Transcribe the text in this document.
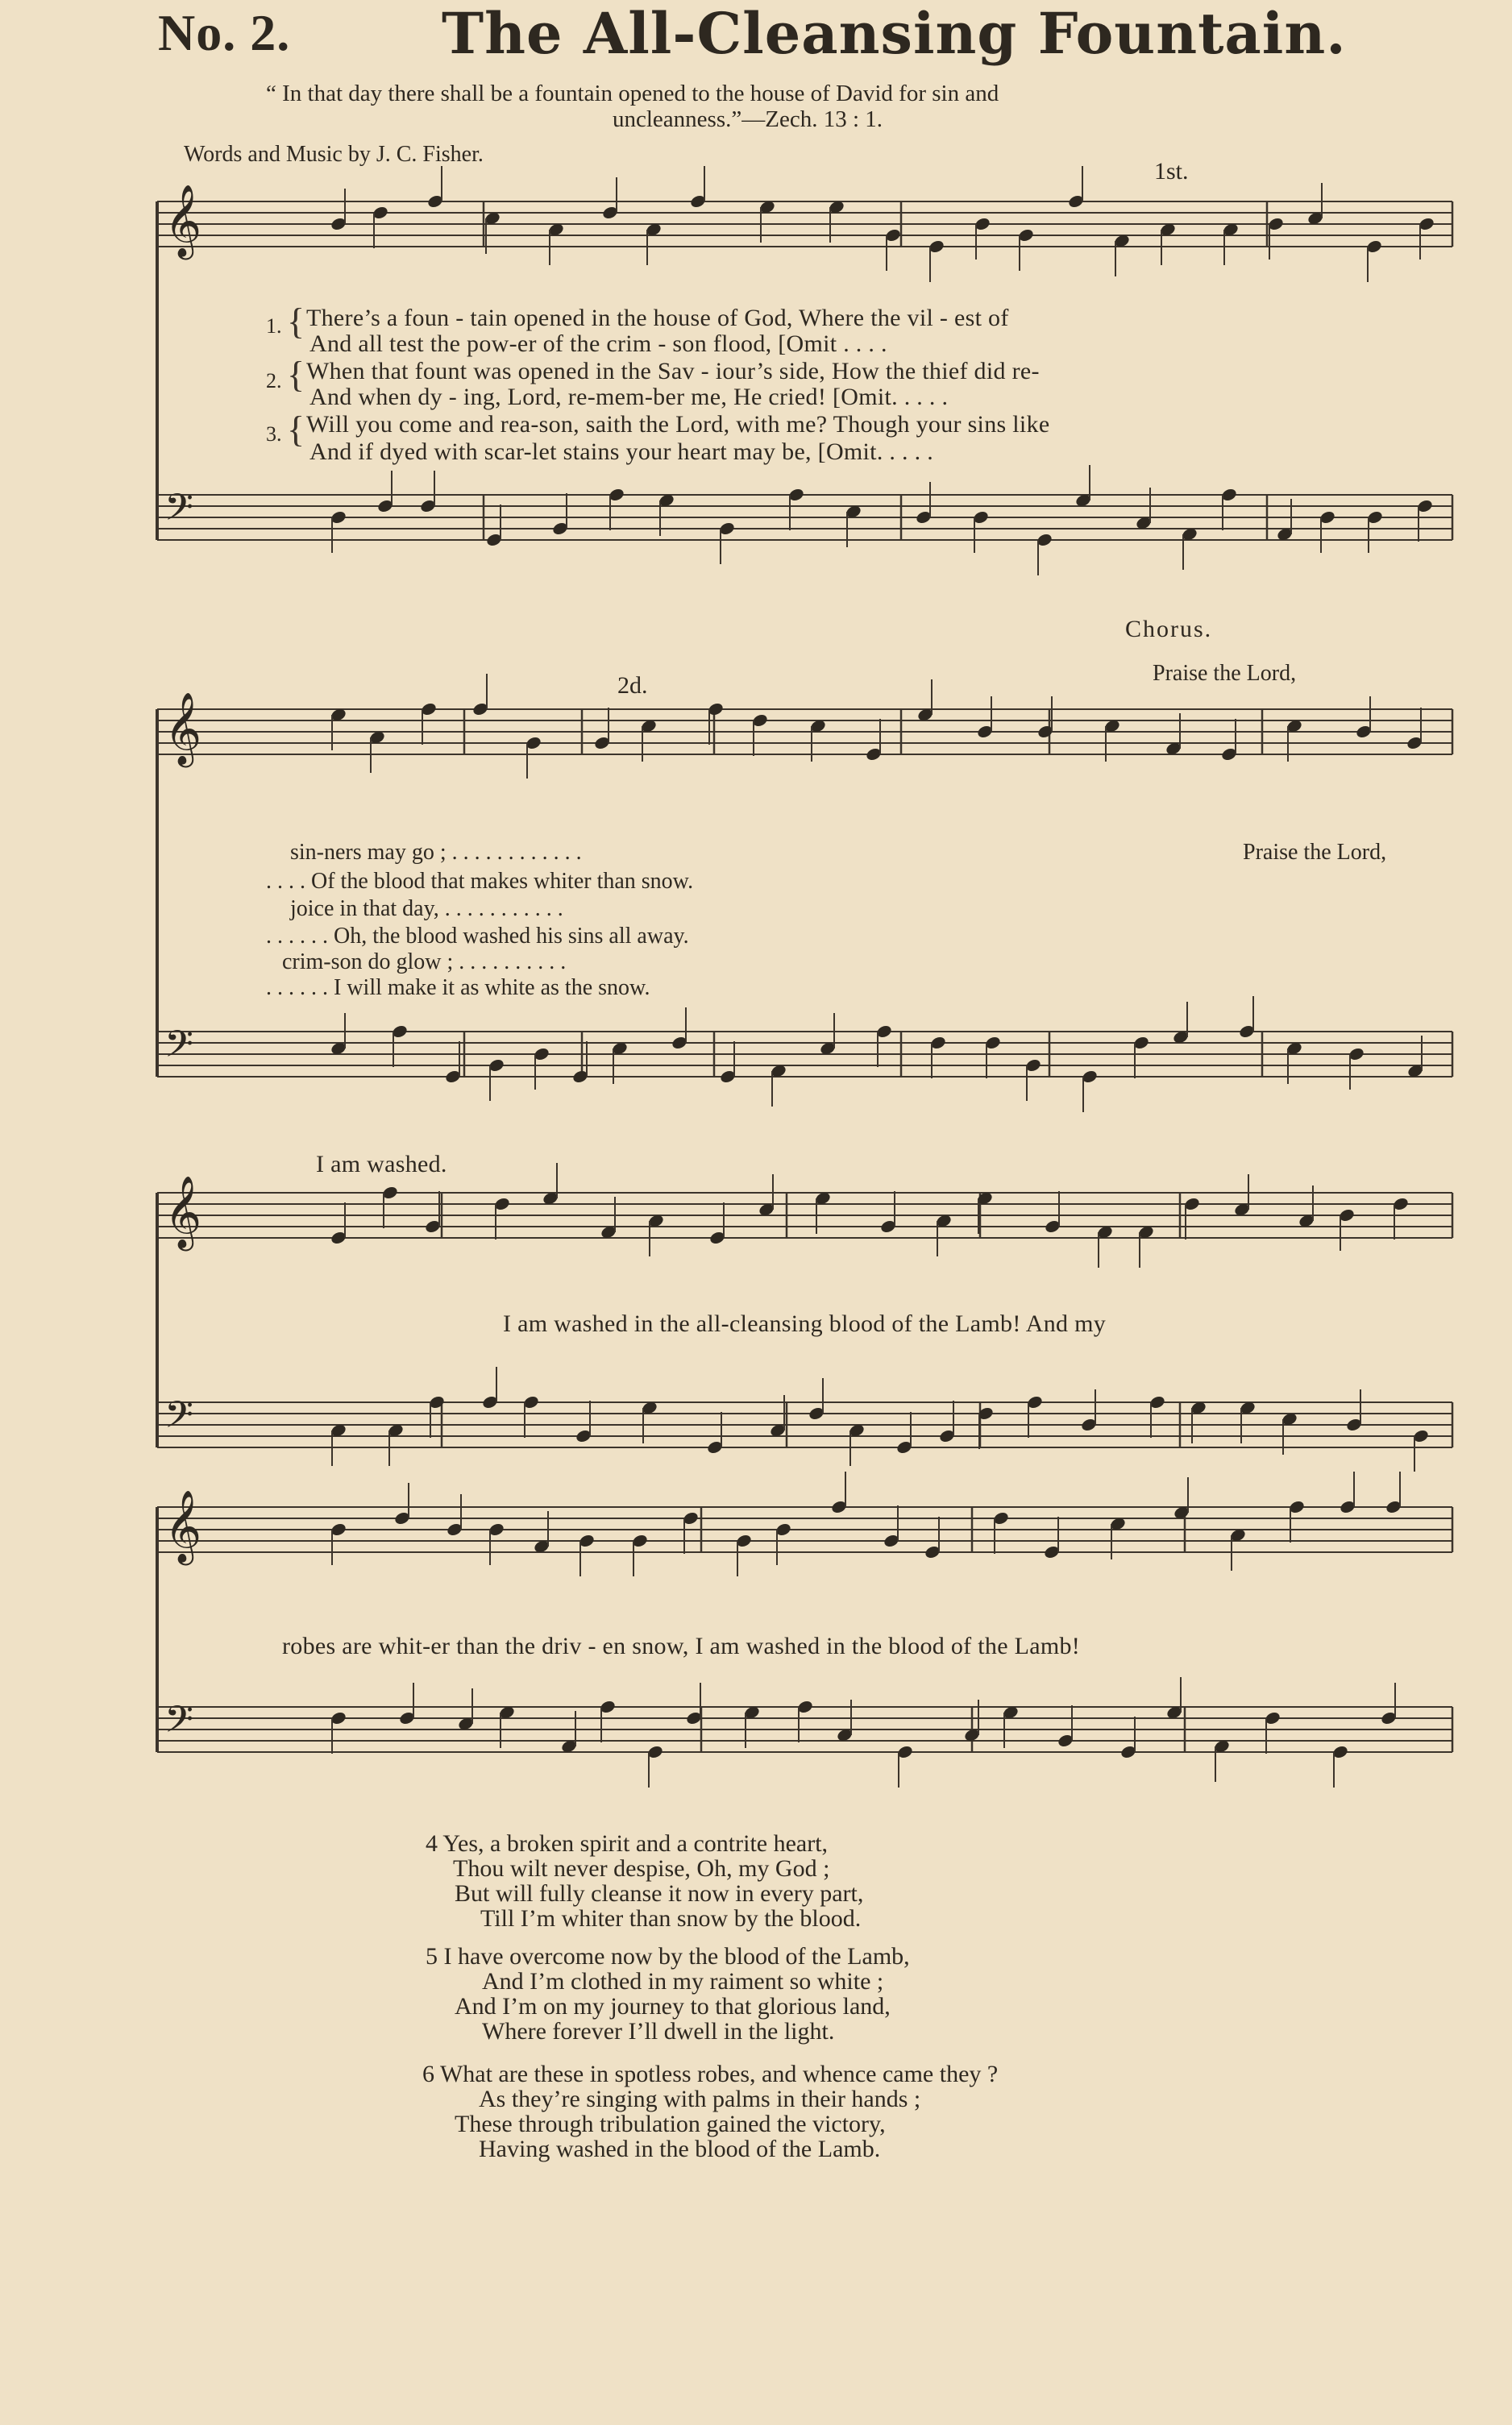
𝄞
𝄢
𝄞
𝄢
𝄞
𝄢
𝄞
𝄢
No. 2.	The All-Cleansing Fountain.
“ In that day there shall be a fountain opened to the house of David for sin and
uncleanness.”—Zech. 13 : 1.
Words and Music by J. C. Fisher.
1st.
1.
2.
3.
{
{
{
There’s a foun - tain opened in the house of God, Where the vil - est of
And all test the pow-er of the crim - son flood, [Omit . . . .
When that fount was opened in the Sav - iour’s side, How the thief did re-
And when dy - ing, Lord, re-mem-ber me, He cried! [Omit. . . . .
Will you come and rea-son, saith the Lord, with me? Though your sins like
And if dyed with scar-let stains your heart may be, [Omit. . . . .
Chorus.
2d.	Praise the Lord,
sin-ners may go ; . . . . . . . . . . . .	Praise the Lord,
. . . . Of the blood that makes whiter than snow.
joice in that day, . . . . . . . . . . .
. . . . . . Oh, the blood washed his sins all away.
crim-son do glow ; . . . . . . . . . .
. . . . . . I will make it as white as the snow.
I am washed.
I am washed in the all-cleansing blood of the Lamb! And my
robes are whit-er than the driv - en snow, I am washed in the blood of the Lamb!
4 Yes, a broken spirit and a contrite heart,
Thou wilt never despise, Oh, my God ;
But will fully cleanse it now in every part,
Till I’m whiter than snow by the blood.
5 I have overcome now by the blood of the Lamb,
And I’m clothed in my raiment so white ;
And I’m on my journey to that glorious land,
Where forever I’ll dwell in the light.
6 What are these in spotless robes, and whence came they ?
As they’re singing with palms in their hands ;
These through tribulation gained the victory,
Having washed in the blood of the Lamb.
